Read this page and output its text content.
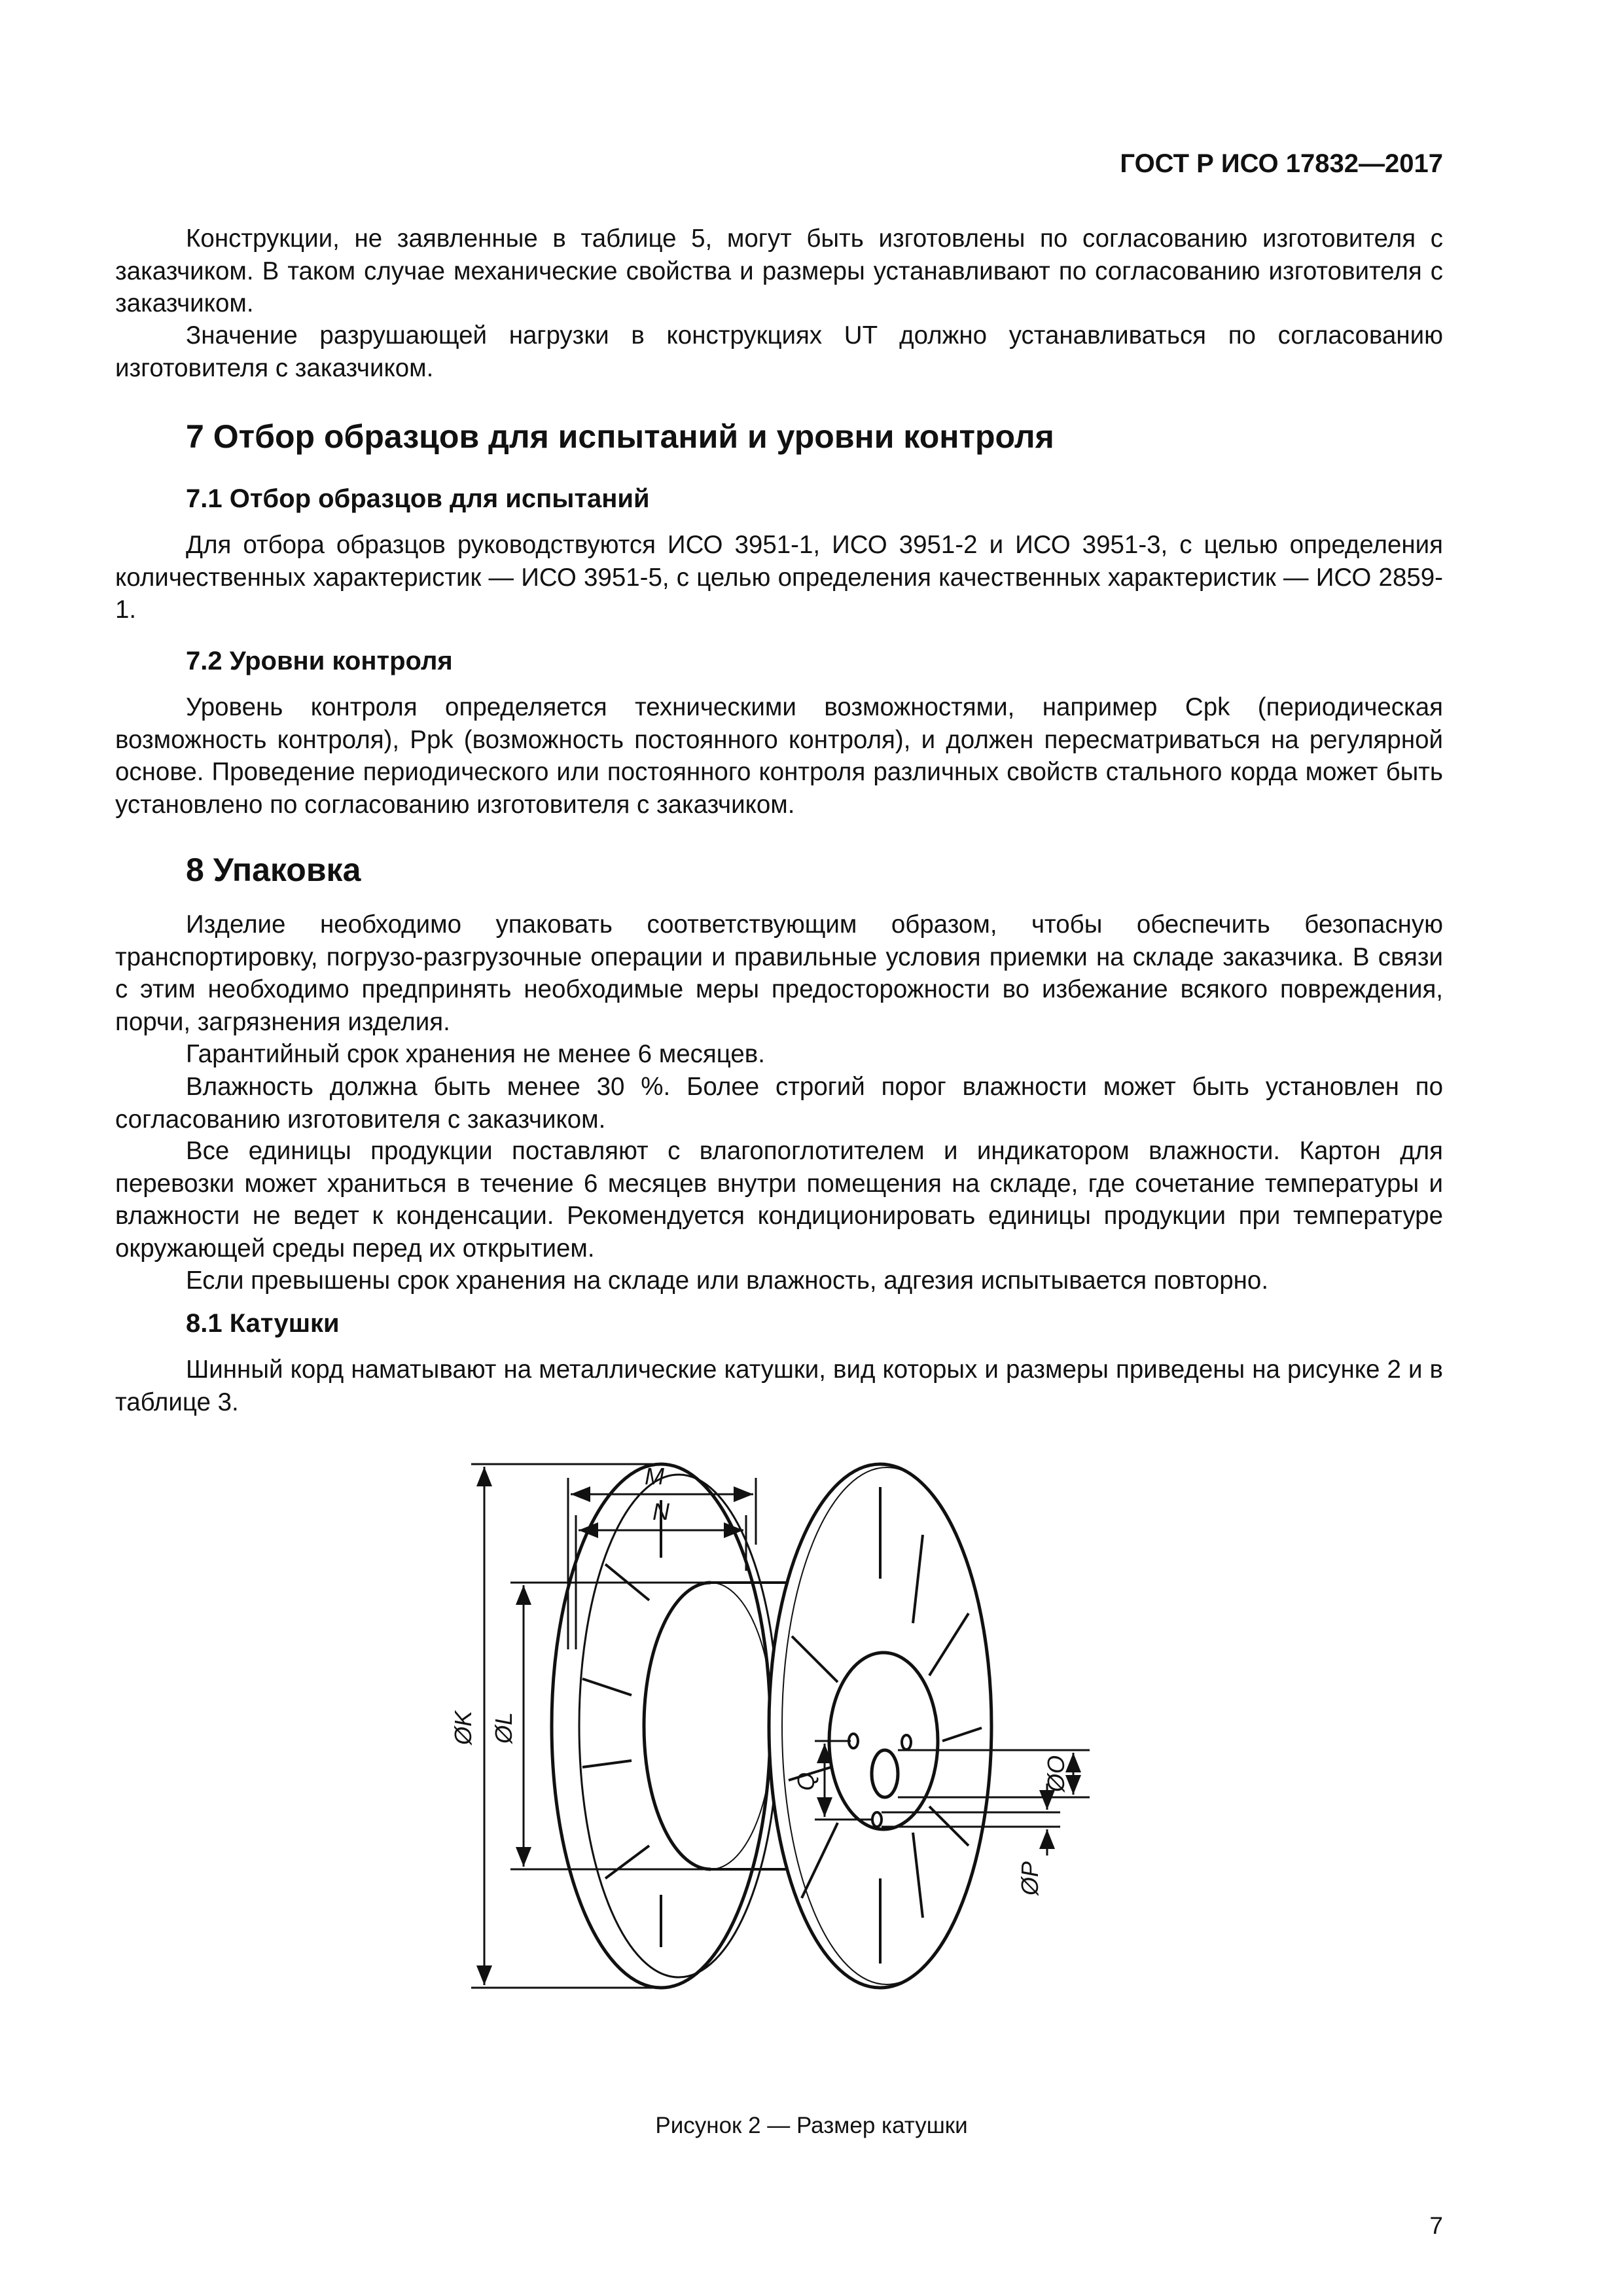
ГОСТ Р ИСО 17832—2017

Конструкции, не заявленные в таблице 5, могут быть изготовлены по согласованию изготовителя с заказчиком. В таком случае механические свойства и размеры устанавливают по согласованию изготовителя с заказчиком.

Значение разрушающей нагрузки в конструкциях UT должно устанавливаться по согласованию изготовителя с заказчиком.

7 Отбор образцов для испытаний и уровни контроля
7.1 Отбор образцов для испытаний

Для отбора образцов руководствуются ИСО 3951-1, ИСО 3951-2 и ИСО 3951-3, с целью определения количественных характеристик — ИСО 3951-5, с целью определения качественных характеристик — ИСО 2859-1.

7.2 Уровни контроля

Уровень контроля определяется техническими возможностями, например Cpk (периодическая возможность контроля), Ppk (возможность постоянного контроля), и должен пересматриваться на регулярной основе. Проведение периодического или постоянного контроля различных свойств стального корда может быть установлено по согласованию изготовителя с заказчиком.

8 Упаковка

Изделие необходимо упаковать соответствующим образом, чтобы обеспечить безопасную транспортировку, погрузо-разгрузочные операции и правильные условия приемки на складе заказчика. В связи с этим необходимо предпринять необходимые меры предосторожности во избежание всякого повреждения, порчи, загрязнения изделия.

Гарантийный срок хранения не менее 6 месяцев.

Влажность должна быть менее 30 %. Более строгий порог влажности может быть установлен по согласованию изготовителя с заказчиком.

Все единицы продукции поставляют с влагопоглотителем и индикатором влажности. Картон для перевозки может храниться в течение 6 месяцев внутри помещения на складе, где сочетание температуры и влажности не ведет к конденсации. Рекомендуется кондиционировать единицы продукции при температуре окружающей среды перед их открытием.

Если превышены срок хранения на складе или влажность, адгезия испытывается повторно.

8.1 Катушки

Шинный корд наматывают на металлические катушки, вид которых и размеры приведены на рисунке 2 и в таблице 3.

M
N
ØK ØL
Q	ØO
ØP
Рисунок 2 — Размер катушки
7
